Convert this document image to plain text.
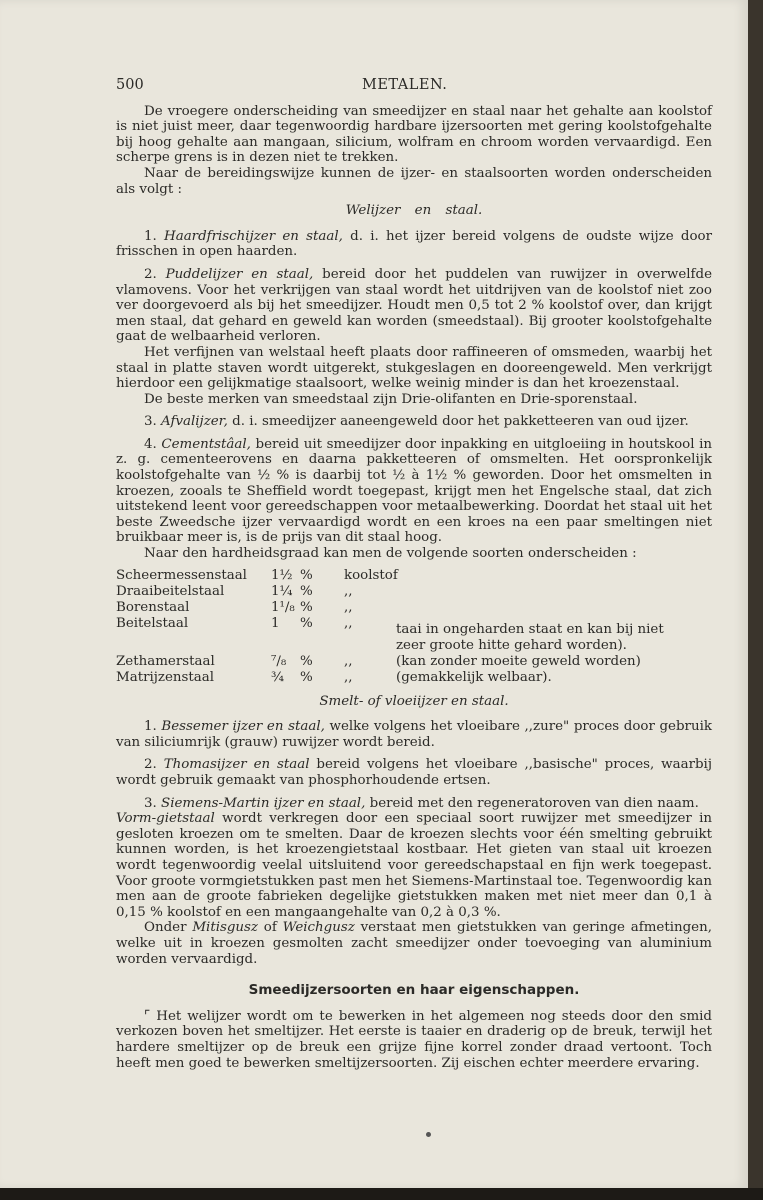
500	METALEN.

De vroegere onderscheiding van smeedijzer en staal naar het gehalte aan koolstof is niet juist meer, daar tegenwoordig hardbare ijzersoorten met gering koolstofgehalte bij hoog gehalte aan mangaan, silicium, wolfram en chroom worden vervaardigd. Een scherpe grens is in dezen niet te trekken.

Naar de bereidingswijze kunnen de ijzer- en staalsoorten worden onderscheiden als volgt :

Welijzer en staal.

1. Haardfrischijzer en staal, d. i. het ijzer bereid volgens de oudste wijze door frisschen in open haarden.

2. Puddelijzer en staal, bereid door het puddelen van ruwijzer in overwelfde vlamovens. Voor het verkrijgen van staal wordt het uitdrijven van de koolstof niet zoo ver doorgevoerd als bij het smeedijzer. Houdt men 0,5 tot 2 % koolstof over, dan krijgt men staal, dat gehard en geweld kan worden (smeedstaal). Bij grooter koolstofgehalte gaat de welbaarheid verloren.

Het verfijnen van welstaal heeft plaats door raffineeren of omsmeden, waarbij het staal in platte staven wordt uitgerekt, stukgeslagen en dooreengeweld. Men verkrijgt hierdoor een gelijkmatige staalsoort, welke weinig minder is dan het kroezenstaal.

De beste merken van smeedstaal zijn Drie-olifanten en Drie-sporenstaal.

3. Afvalijzer, d. i. smeedijzer aaneengeweld door het pakketteeren van oud ijzer.

4. Cementstâal, bereid uit smeedijzer door inpakking en uitgloeiing in houtskool in z. g. cementeerovens en daarna pakketteeren of omsmelten. Het oorspronkelijk koolstofgehalte van ½ % is daarbij tot ½ à 1½ % geworden. Door het omsmelten in kroezen, zooals te Sheffield wordt toegepast, krijgt men het Engelsche staal, dat zich uitstekend leent voor gereedschappen voor metaalbewerking. Doordat het staal uit het beste Zweedsche ijzer vervaardigd wordt en een kroes na een paar smeltingen niet bruikbaar meer is, is de prijs van dit staal hoog.

Naar den hardheidsgraad kan men de volgende soorten onderscheiden :

Scheermessenstaal 1½ % koolstof
Draaibeitelstaal	1¼ % ,,
Borenstaal	1¹/₈ % ,,
Beitelstaal	1 % ,,	taai in ongeharden staat en kan bij niet
zeer groote hitte gehard worden).
Zethamerstaal	⁷/₈ % ,,	(kan zonder moeite geweld worden)
Matrijzenstaal	¾ % ,,	(gemakkelijk welbaar).

Smelt- of vloeiijzer en staal.

1. Bessemer ijzer en staal, welke volgens het vloeibare ,,zure" proces door gebruik van siliciumrijk (grauw) ruwijzer wordt bereid.

2. Thomasijzer en staal bereid volgens het vloeibare ,,basische" proces, waarbij wordt gebruik gemaakt van phosphorhoudende ertsen.

3. Siemens-Martin ijzer en staal, bereid met den regeneratoroven van dien naam.

Vorm-gietstaal wordt verkregen door een speciaal soort ruwijzer met smeedijzer in gesloten kroezen om te smelten. Daar de kroezen slechts voor één smelting gebruikt kunnen worden, is het kroezengietstaal kostbaar. Het gieten van staal uit kroezen wordt tegenwoordig veelal uitsluitend voor gereedschapstaal en fijn werk toegepast. Voor groote vormgietstukken past men het Siemens-Martinstaal toe. Tegenwoordig kan men aan de groote fabrieken degelijke gietstukken maken met niet meer dan 0,1 à 0,15 % koolstof en een mangaangehalte van 0,2 à 0,3 %.

Onder Mitisgusz of Weichgusz verstaat men gietstukken van geringe afmetingen, welke uit in kroezen gesmolten zacht smeedijzer onder toevoeging van aluminium worden vervaardigd.

Smeedijzersoorten en haar eigenschappen.

⌜ Het welijzer wordt om te bewerken in het algemeen nog steeds door den smid verkozen boven het smeltijzer. Het eerste is taaier en draderig op de breuk, terwijl het hardere smeltijzer op de breuk een grijze fijne korrel zonder draad vertoont. Toch heeft men goed te bewerken smeltijzersoorten. Zij eischen echter meerdere ervaring.
